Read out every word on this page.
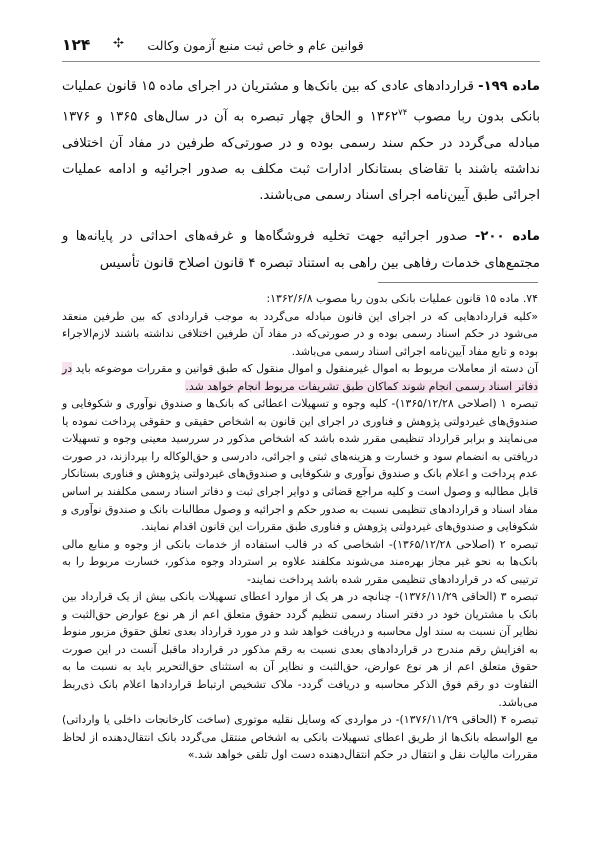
۱۲۴	قوانین عام و خاص ثبت منبع آزمون وکالت

ماده ۱۹۹- قراردادهای عادی که بین بانک‌ها و مشتریان در اجرای ماده ۱۵ قانون عملیات بانکی بدون ربا مصوب ۱۳۶۲$^{۷۴}$ و الحاق چهار تبصره به آن در سال‌های ۱۳۶۵ و ۱۳۷۶ مبادله می‌گردد در حکم سند رسمی بوده و در صورتی‌که طرفین در مفاد آن اختلافی نداشته باشند با تقاضای بستانکار ادارات ثبت مکلف به صدور اجرائیه و ادامه عملیات اجرائی طبق آیین‌نامه اجرای اسناد رسمی می‌باشند.

ماده ۲۰۰- صدور اجرائیه جهت تخلیه فروشگاه‌ها و غرفه‌های احداثی در پایانه‌ها و مجتمع‌های خدمات رفاهی بین راهی به استناد تبصره ۴ قانون اصلاح قانون تأسیس

۷۴. ماده ۱۵ قانون عملیات بانکی بدون ربا مصوب ۱۳۶۲/۶/۸:

«کلیه قراردادهایی که در اجرای این قانون مبادله می‌گردد به موجب قراردادی که بین طرفین منعقد می‌شود در حکم اسناد رسمی بوده و در صورتی‌که در مفاد آن طرفین اختلافی نداشته باشند لازم‌الاجراء بوده و تابع مفاد آیین‌نامه اجرائی اسناد رسمی می‌باشد.

آن دسته از معاملات مربوط به اموال غیرمنقول و اموال منقول که طبق قوانین و مقررات موضوعه باید در دفاتر اسناد رسمی انجام شوند کماکان طبق تشریفات مربوط انجام خواهد شد.

تبصره ۱ (اصلاحی ۱۳۶۵/۱۲/۲۸)- کلیه وجوه و تسهیلات اعطائی که بانک‌ها و صندوق نوآوری و شکوفایی و صندوق‌های غیردولتی پژوهش و فناوری در اجرای این قانون به اشخاص حقیقی و حقوقی پرداخت نموده یا می‌نمایند و برابر قرارداد تنظیمی مقرر شده باشد که اشخاص مذکور در سررسید معینی وجوه و تسهیلات دریافتی به انضمام سود و خسارت و هزینه‌های ثبتی و اجرائی، دادرسی و حق‌الوکاله را بپردازند، در صورت عدم پرداخت و اعلام بانک و صندوق نوآوری و شکوفایی و صندوق‌های غیردولتی پژوهش و فناوری بستانکار قابل مطالبه و وصول است و کلیه مراجع قضائی و دوایر اجرای ثبت و دفاتر اسناد رسمی مکلفند بر اساس مفاد اسناد و قراردادهای تنظیمی نسبت به صدور حکم و اجرائیه و وصول مطالبات بانک و صندوق نوآوری و شکوفایی و صندوق‌های غیردولتی پژوهش و فناوری طبق مقررات این قانون اقدام نمایند.

تبصره ۲ (اصلاحی ۱۳۶۵/۱۲/۲۸)- اشخاصی که در قالب استفاده از خدمات بانکی از وجوه و منابع مالی بانک‌ها به نحو غیر مجاز بهره‌مند می‌شوند مکلفند علاوه بر استرداد وجوه مذکور، خسارت مربوط را به ترتیبی که در قراردادهای تنظیمی مقرر شده باشد پرداخت نمایند-

تبصره ۳ (الحاقی ۱۳۷۶/۱۱/۲۹)- چنانچه در هر یک از موارد اعطای تسهیلات بانکی بیش از یک قرارداد بین بانک با مشتریان خود در دفتر اسناد رسمی تنظیم گردد حقوق متعلق اعم از هر نوع عوارض حق‌الثبت و نظایر آن نسبت به سند اول محاسبه و دریافت خواهد شد و در مورد قرارداد بعدی تعلق حقوق مزبور منوط به افزایش رقم مندرج در قراردادهای بعدی نسبت به رقم مذکور در قرارداد ماقبل آنست در این صورت حقوق متعلق اعم از هر نوع عوارض، حق‌الثبت و نظایر آن به استثنای حق‌التحریر باید به نسبت ما به التفاوت دو رقم فوق الذکر محاسبه و دریافت گردد- ملاک تشخیص ارتباط قراردادها اعلام بانک ذی‌ربط می‌باشد.

تبصره ۴ (الحاقی ۱۳۷۶/۱۱/۲۹)- در مواردی که وسایل نقلیه موتوری (ساخت کارخانجات داخلی یا وارداتی) مع الواسطه بانک‌ها از طریق اعطای تسهیلات بانکی به اشخاص منتقل می‌گردد بانک انتقال‌دهنده از لحاظ مقررات مالیات نقل و انتقال در حکم انتقال‌دهنده دست اول تلقی خواهد شد.»
